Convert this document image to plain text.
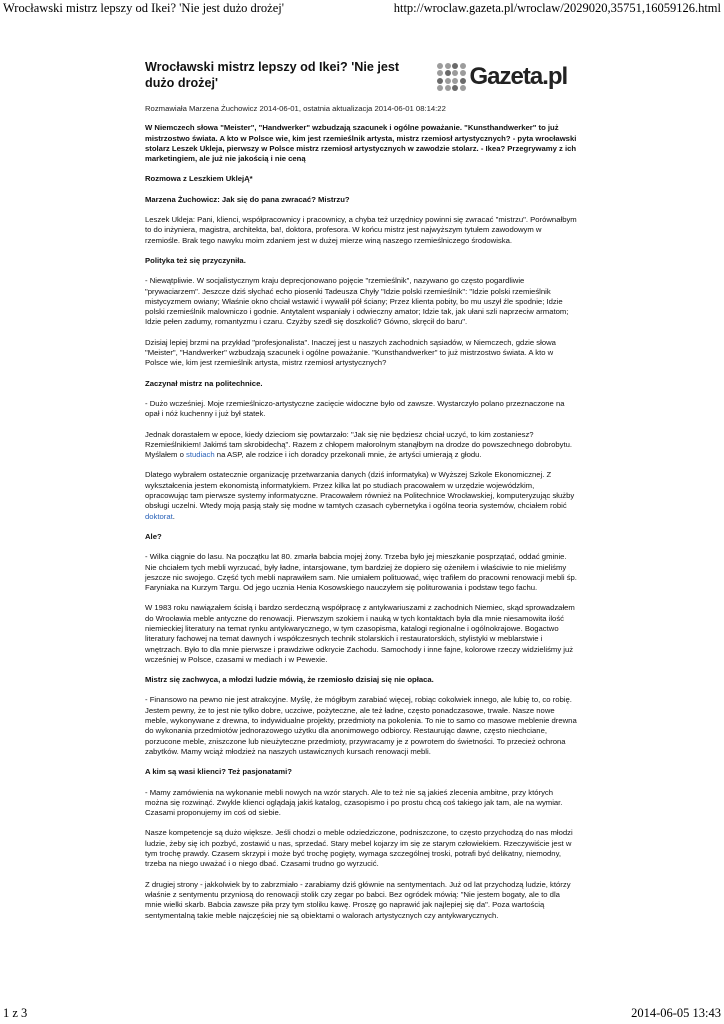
Wrocławski mistrz lepszy od Ikei? 'Nie jest dużo drożej'	http://wroclaw.gazeta.pl/wroclaw/2029020,35751,16059126.html
Wrocławski mistrz lepszy od Ikei? 'Nie jest dużo drożej'	Gazeta.pl

Rozmawiała Marzena Żuchowicz 2014-06-01, ostatnia aktualizacja 2014-06-01 08:14:22

W Niemczech słowa "Meister", "Handwerker" wzbudzają szacunek i ogólne poważanie. "Kunsthandwerker" to już mistrzostwo świata. A kto w Polsce wie, kim jest rzemieślnik artysta, mistrz rzemiosł artystycznych? - pyta wrocławski stolarz Leszek Ukleja, pierwszy w Polsce mistrz rzemiosł artystycznych w zawodzie stolarz. - Ikea? Przegrywamy z ich marketingiem, ale już nie jakością i nie ceną

Rozmowa z Leszkiem UklejĄ*

Marzena Żuchowicz: Jak się do pana zwracać? Mistrzu?

Leszek Ukleja: Pani, klienci, współpracownicy i pracownicy, a chyba też urzędnicy powinni się zwracać "mistrzu". Porównałbym to do inżyniera, magistra, architekta, ba!, doktora, profesora. W końcu mistrz jest najwyższym tytułem zawodowym w rzemiośle. Brak tego nawyku moim zdaniem jest w dużej mierze winą naszego rzemieślniczego środowiska.

Polityka też się przyczyniła.

- Niewątpliwie. W socjalistycznym kraju deprecjonowano pojęcie "rzemieślnik", nazywano go często pogardliwie "prywaciarzem". Jeszcze dziś słychać echo piosenki Tadeusza Chyły "Idzie polski rzemieślnik": "Idzie polski rzemieślnik mistycyzmem owiany; Właśnie okno chciał wstawić i wywalił pół ściany; Przez klienta pobity, bo mu uszył źle spodnie; Idzie polski rzemieślnik malowniczo i godnie. Antytalent wspaniały i odwieczny amator; Idzie tak, jak ułani szli naprzeciw armatom; Idzie pełen zadumy, romantyzmu i czaru. Czyżby szedł się doszkolić? Gówno, skręcił do baru".

Dzisiaj lepiej brzmi na przykład "profesjonalista". Inaczej jest u naszych zachodnich sąsiadów, w Niemczech, gdzie słowa "Meister", "Handwerker" wzbudzają szacunek i ogólne poważanie. "Kunsthandwerker" to już mistrzostwo świata. A kto w Polsce wie, kim jest rzemieślnik artysta, mistrz rzemiosł artystycznych?

Zaczynał mistrz na politechnice.

- Dużo wcześniej. Moje rzemieślniczo-artystyczne zacięcie widoczne było od zawsze. Wystarczyło polano przeznaczone na opał i nóż kuchenny i już był statek.

Jednak dorastałem w epoce, kiedy dzieciom się powtarzało: "Jak się nie będziesz chciał uczyć, to kim zostaniesz? Rzemieślnikiem! Jakimś tam skrobidechą". Razem z chłopem małorolnym stanąłbym na drodze do powszechnego dobrobytu. Myślałem o studiach na ASP, ale rodzice i ich doradcy przekonali mnie, że artyści umierają z głodu.

Dlatego wybrałem ostatecznie organizację przetwarzania danych (dziś informatyka) w Wyższej Szkole Ekonomicznej. Z wykształcenia jestem ekonomistą informatykiem. Przez kilka lat po studiach pracowałem w urzędzie wojewódzkim, opracowując tam pierwsze systemy informatyczne. Pracowałem również na Politechnice Wrocławskiej, komputeryzując służby obsługi uczelni. Wtedy moją pasją stały się modne w tamtych czasach cybernetyka i ogólna teoria systemów, chciałem robić doktorat.

Ale?

- Wilka ciągnie do lasu. Na początku lat 80. zmarła babcia mojej żony. Trzeba było jej mieszkanie posprzątać, oddać gminie. Nie chciałem tych mebli wyrzucać, były ładne, intarsjowane, tym bardziej że dopiero się ożeniłem i właściwie to nie mieliśmy jeszcze nic swojego. Część tych mebli naprawiłem sam. Nie umiałem polituować, więc trafiłem do pracowni renowacji mebli śp. Faryniaka na Kurzym Targu. Od jego ucznia Henia Kosowskiego nauczyłem się politurowania i podstaw tego fachu.

W 1983 roku nawiązałem ścisłą i bardzo serdeczną współpracę z antykwariuszami z zachodnich Niemiec, skąd sprowadzałem do Wrocławia meble antyczne do renowacji. Pierwszym szokiem i nauką w tych kontaktach była dla mnie niesamowita ilość niemieckiej literatury na temat rynku antykwarycznego, w tym czasopisma, katalogi regionalne i ogólnokrajowe. Bogactwo literatury fachowej na temat dawnych i współczesnych technik stolarskich i restauratorskich, stylistyki w meblarstwie i wnętrzach. Było to dla mnie pierwsze i prawdziwe odkrycie Zachodu. Samochody i inne fajne, kolorowe rzeczy widzieliśmy już wcześniej w Polsce, czasami w mediach i w Pewexie.

Mistrz się zachwyca, a młodzi ludzie mówią, że rzemiosło dzisiaj się nie opłaca.

- Finansowo na pewno nie jest atrakcyjne. Myślę, że mógłbym zarabiać więcej, robiąc cokolwiek innego, ale lubię to, co robię. Jestem pewny, że to jest nie tylko dobre, uczciwe, pożyteczne, ale też ładne, często ponadczasowe, trwałe. Nasze nowe meble, wykonywane z drewna, to indywidualne projekty, przedmioty na pokolenia. To nie to samo co masowe meblenie drewna do wykonania przedmiotów jednorazowego użytku dla anonimowego odbiorcy. Restaurując dawne, często niechciane, porzucone meble, zniszczone lub nieużyteczne przedmioty, przywracamy je z powrotem do świetności. To przecież ochrona zabytków. Mamy wciąż młodzież na naszych ustawicznych kursach renowacji mebli.

A kim są wasi klienci? Też pasjonatami?

- Mamy zamówienia na wykonanie mebli nowych na wzór starych. Ale to też nie są jakieś zlecenia ambitne, przy których można się rozwinąć. Zwykle klienci oglądają jakiś katalog, czasopismo i po prostu chcą coś takiego jak tam, ale na wymiar. Czasami proponujemy im coś od siebie.

Nasze kompetencje są dużo większe. Jeśli chodzi o meble odziedziczone, podniszczone, to często przychodzą do nas młodzi ludzie, żeby się ich pozbyć, zostawić u nas, sprzedać. Stary mebel kojarzy im się ze starym człowiekiem. Rzeczywiście jest w tym trochę prawdy. Czasem skrzypi i może być trochę pogięty, wymaga szczególnej troski, potrafi być delikatny, niemodny, trzeba na niego uważać i o niego dbać. Czasami trudno go wyrzucić.

Z drugiej strony - jakkolwiek by to zabrzmiało - zarabiamy dziś głównie na sentymentach. Już od lat przychodzą ludzie, którzy właśnie z sentymentu przyniosą do renowacji stolik czy zegar po babci. Bez ogródek mówią: "Nie jestem bogaty, ale to dla mnie wielki skarb. Babcia zawsze piła przy tym stoliku kawę. Proszę go naprawić jak najlepiej się da". Poza wartością sentymentalną takie meble najczęściej nie są obiektami o walorach artystycznych czy antykwarycznych.

1 z 3	2014-06-05 13:43
